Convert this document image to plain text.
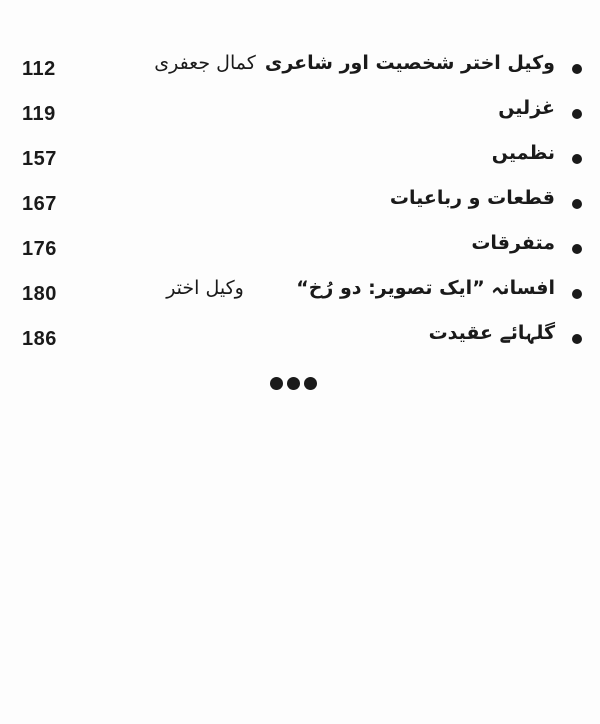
112	کمال جعفری وکیل اختر شخصیت اور شاعری
119	غزلیں
157	نظمیں
167	قطعات و رباعیات
176	متفرقات
180	وکیل اختر	افسانہ ”ایک تصویر: دو رُخ“
186	گلہائے عقیدت
